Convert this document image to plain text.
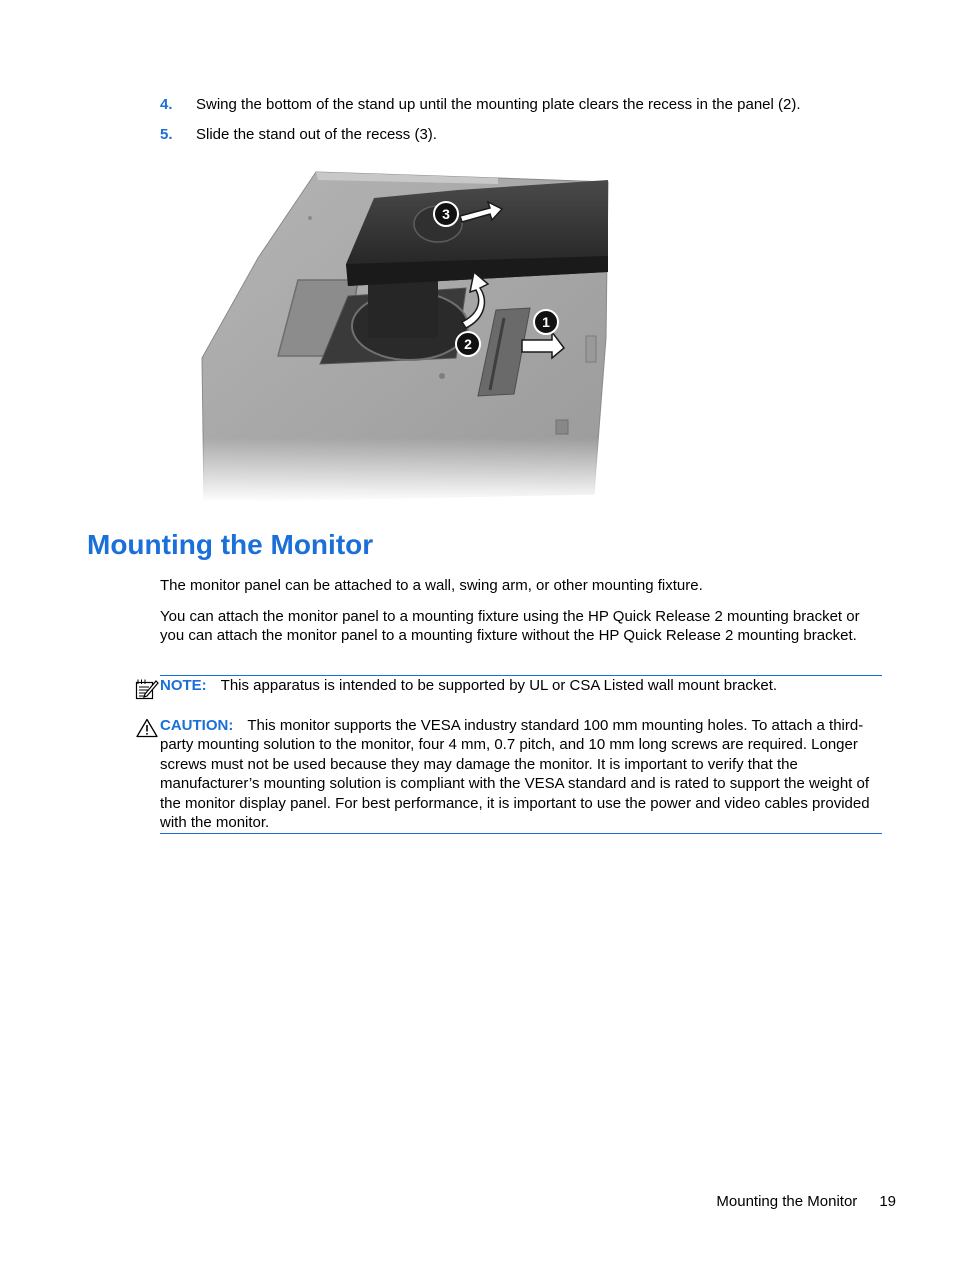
4. Swing the bottom of the stand up until the mounting plate clears the recess in the panel (2).
5. Slide the stand out of the recess (3).
3
2
1
Mounting the Monitor

The monitor panel can be attached to a wall, swing arm, or other mounting fixture.

You can attach the monitor panel to a mounting fixture using the HP Quick Release 2 mounting bracket or you can attach the monitor panel to a mounting fixture without the HP Quick Release 2 mounting bracket.

NOTE: This apparatus is intended to be supported by UL or CSA Listed wall mount bracket.
CAUTION: This monitor supports the VESA industry standard 100 mm mounting holes. To attach a third-party mounting solution to the monitor, four 4 mm, 0.7 pitch, and 10 mm long screws are required. Longer screws must not be used because they may damage the monitor. It is important to verify that the manufacturer’s mounting solution is compliant with the VESA standard and is rated to support the weight of the monitor display panel. For best performance, it is important to use the power and video cables provided with the monitor.
Mounting the Monitor 19
